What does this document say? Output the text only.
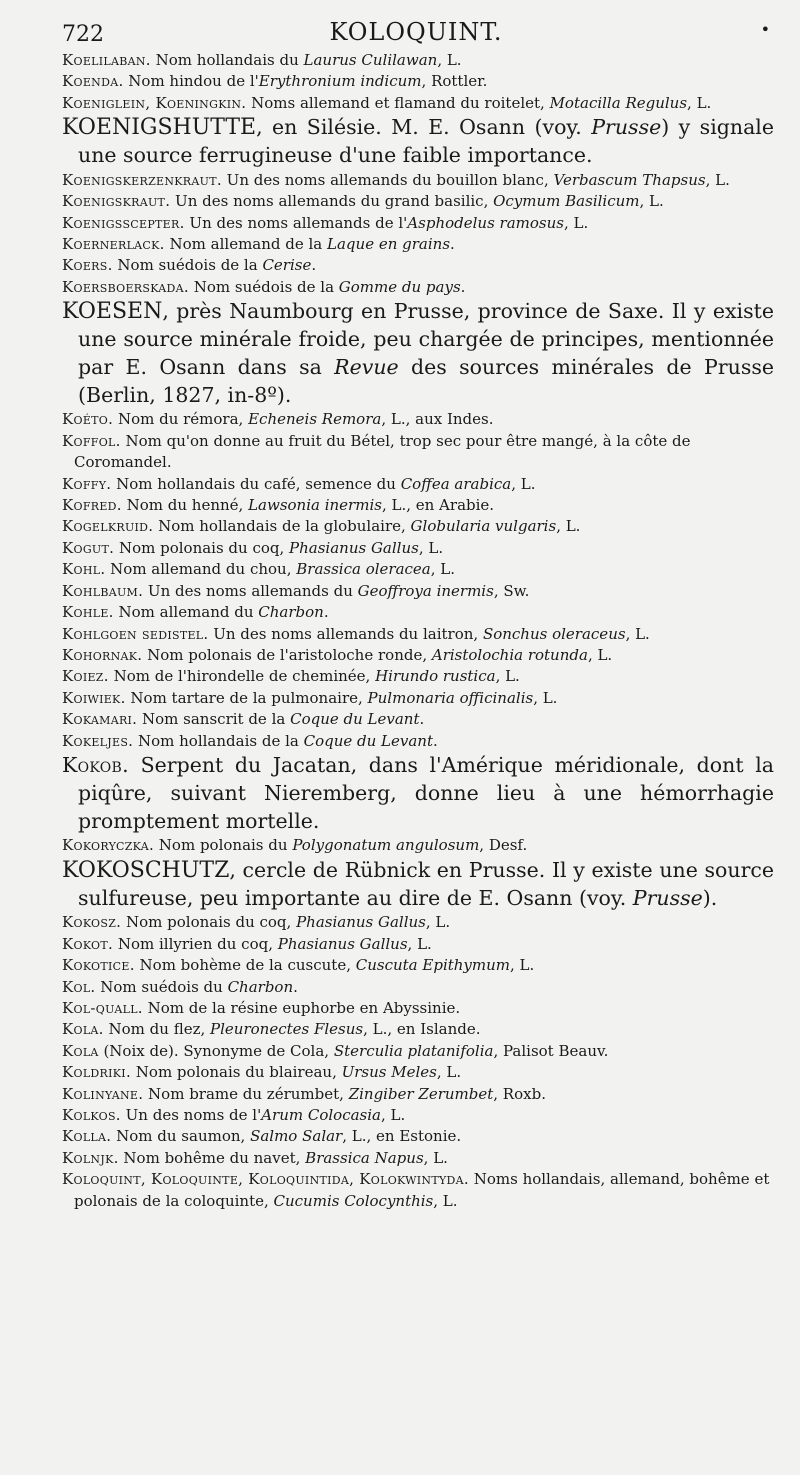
722	KOLOQUINT.	•

Koelilaban. Nom hollandais du Laurus Culilawan, L.

Koenda. Nom hindou de l'Erythronium indicum, Rottler.

Koeniglein, Koeningkin. Noms allemand et flamand du roitelet, Motacilla Regulus, L.

KOENIGSHUTTE, en Silésie. M. E. Osann (voy. Prusse) y signale une source ferrugineuse d'une faible importance.

Koenigskerzenkraut. Un des noms allemands du bouillon blanc, Verbascum Thapsus, L.

Koenigskraut. Un des noms allemands du grand basilic, Ocymum Basilicum, L.

Koenigsscepter. Un des noms allemands de l'Asphodelus ramosus, L.

Koernerlack. Nom allemand de la Laque en grains.

Koers. Nom suédois de la Cerise.

Koersboerskada. Nom suédois de la Gomme du pays.

KOESEN, près Naumbourg en Prusse, province de Saxe. Il y existe une source minérale froide, peu chargée de principes, mentionnée par E. Osann dans sa Revue des sources minérales de Prusse (Berlin, 1827, in-8º).

Koéto. Nom du rémora, Echeneis Remora, L., aux Indes.

Koffol. Nom qu'on donne au fruit du Bétel, trop sec pour être mangé, à la côte de Coromandel.

Koffy. Nom hollandais du café, semence du Coffea arabica, L.

Kofred. Nom du henné, Lawsonia inermis, L., en Arabie.

Kogelkruid. Nom hollandais de la globulaire, Globularia vulgaris, L.

Kogut. Nom polonais du coq, Phasianus Gallus, L.

Kohl. Nom allemand du chou, Brassica oleracea, L.

Kohlbaum. Un des noms allemands du Geoffroya inermis, Sw.

Kohle. Nom allemand du Charbon.

Kohlgoen sedistel. Un des noms allemands du laitron, Sonchus oleraceus, L.

Kohornak. Nom polonais de l'aristoloche ronde, Aristolochia rotunda, L.

Koiez. Nom de l'hirondelle de cheminée, Hirundo rustica, L.

Koiwiek. Nom tartare de la pulmonaire, Pulmonaria officinalis, L.

Kokamari. Nom sanscrit de la Coque du Levant.

Kokeljes. Nom hollandais de la Coque du Levant.

Kokob. Serpent du Jacatan, dans l'Amérique méridionale, dont la piqûre, suivant Nieremberg, donne lieu à une hémorrhagie promptement mortelle.

Kokoryczka. Nom polonais du Polygonatum angulosum, Desf.

KOKOSCHUTZ, cercle de Rübnick en Prusse. Il y existe une source sulfureuse, peu importante au dire de E. Osann (voy. Prusse).

Kokosz. Nom polonais du coq, Phasianus Gallus, L.

Kokot. Nom illyrien du coq, Phasianus Gallus, L.

Kokotice. Nom bohème de la cuscute, Cuscuta Epithymum, L.

Kol. Nom suédois du Charbon.

Kol-quall. Nom de la résine euphorbe en Abyssinie.

Kola. Nom du flez, Pleuronectes Flesus, L., en Islande.

Kola (Noix de). Synonyme de Cola, Sterculia platanifolia, Palisot Beauv.

Koldriki. Nom polonais du blaireau, Ursus Meles, L.

Kolinyane. Nom brame du zérumbet, Zingiber Zerumbet, Roxb.

Kolkos. Un des noms de l'Arum Colocasia, L.

Kolla. Nom du saumon, Salmo Salar, L., en Estonie.

Kolnjk. Nom bohême du navet, Brassica Napus, L.

Koloquint, Koloquinte, Koloquintida, Kolokwintyda. Noms hollandais, allemand, bohême et polonais de la coloquinte, Cucumis Colocynthis, L.
